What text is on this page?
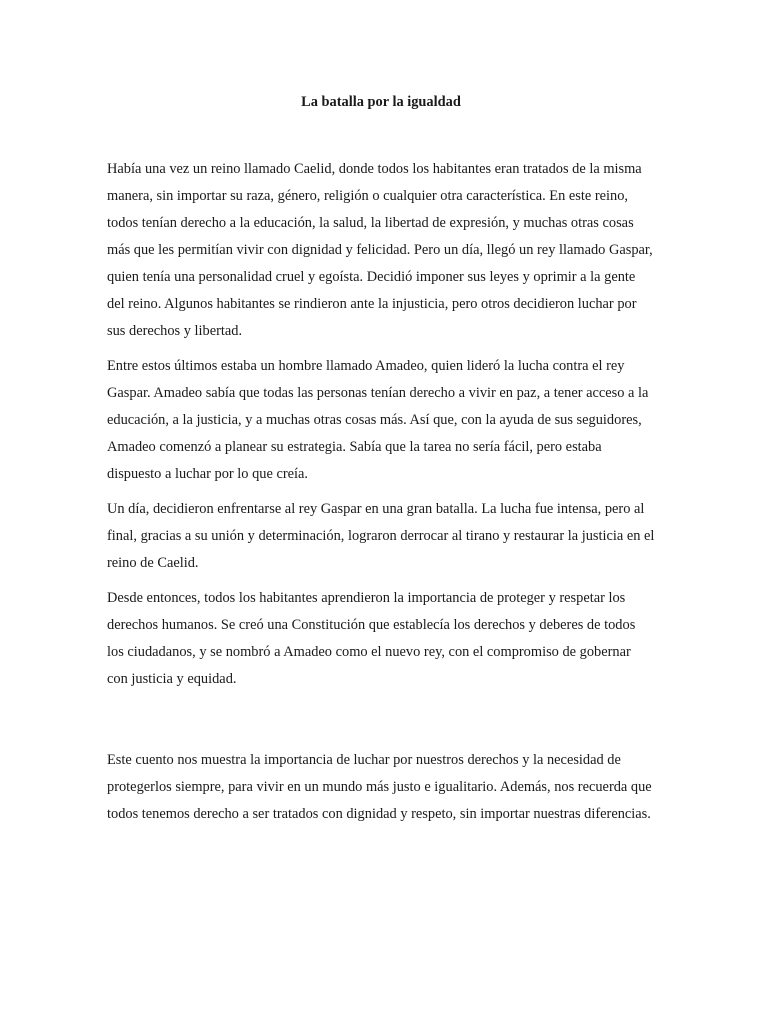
La batalla por la igualdad

Había una vez un reino llamado Caelid, donde todos los habitantes eran tratados de la misma manera, sin importar su raza, género, religión o cualquier otra característica. En este reino, todos tenían derecho a la educación, la salud, la libertad de expresión, y muchas otras cosas más que les permitían vivir con dignidad y felicidad. Pero un día, llegó un rey llamado Gaspar, quien tenía una personalidad cruel y egoísta. Decidió imponer sus leyes y oprimir a la gente del reino. Algunos habitantes se rindieron ante la injusticia, pero otros decidieron luchar por sus derechos y libertad.

Entre estos últimos estaba un hombre llamado Amadeo, quien lideró la lucha contra el rey Gaspar. Amadeo sabía que todas las personas tenían derecho a vivir en paz, a tener acceso a la educación, a la justicia, y a muchas otras cosas más. Así que, con la ayuda de sus seguidores, Amadeo comenzó a planear su estrategia. Sabía que la tarea no sería fácil, pero estaba dispuesto a luchar por lo que creía.

Un día, decidieron enfrentarse al rey Gaspar en una gran batalla. La lucha fue intensa, pero al final, gracias a su unión y determinación, lograron derrocar al tirano y restaurar la justicia en el reino de Caelid.

Desde entonces, todos los habitantes aprendieron la importancia de proteger y respetar los derechos humanos. Se creó una Constitución que establecía los derechos y deberes de todos los ciudadanos, y se nombró a Amadeo como el nuevo rey, con el compromiso de gobernar con justicia y equidad.

Este cuento nos muestra la importancia de luchar por nuestros derechos y la necesidad de protegerlos siempre, para vivir en un mundo más justo e igualitario. Además, nos recuerda que todos tenemos derecho a ser tratados con dignidad y respeto, sin importar nuestras diferencias.
